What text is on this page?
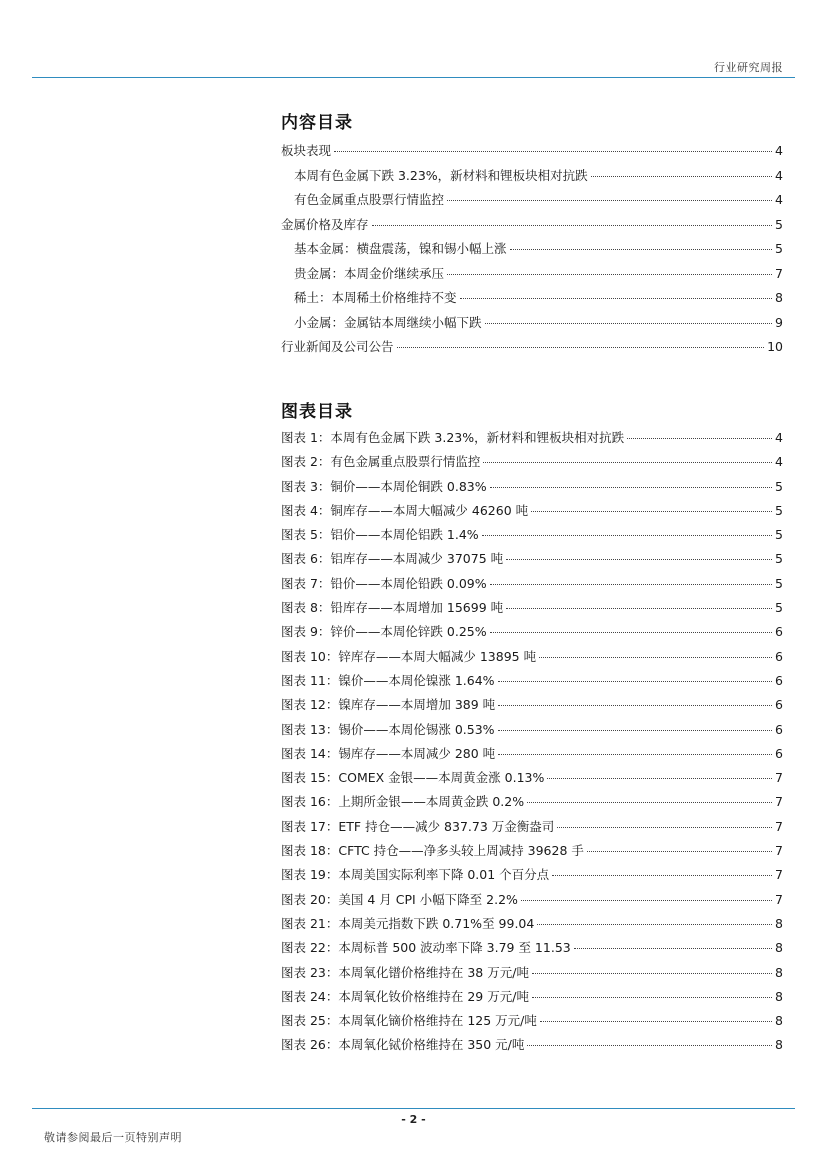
行业研究周报
内容目录
板块表现	4
本周有色金属下跌 3.23%，新材料和锂板块相对抗跌	4
有色金属重点股票行情监控	4
金属价格及库存	5
基本金属：横盘震荡，镍和锡小幅上涨	5
贵金属：本周金价继续承压	7
稀土：本周稀土价格维持不变	8
小金属：金属钴本周继续小幅下跌	9
行业新闻及公司公告	10
图表目录
图表 1：本周有色金属下跌 3.23%，新材料和锂板块相对抗跌	4
图表 2：有色金属重点股票行情监控	4
图表 3：铜价——本周伦铜跌 0.83%	5
图表 4：铜库存——本周大幅减少 46260 吨	5
图表 5：铝价——本周伦铝跌 1.4%	5
图表 6：铝库存——本周减少 37075 吨	5
图表 7：铅价——本周伦铅跌 0.09%	5
图表 8：铅库存——本周增加 15699 吨	5
图表 9：锌价——本周伦锌跌 0.25%	6
图表 10：锌库存——本周大幅减少 13895 吨	6
图表 11：镍价——本周伦镍涨 1.64%	6
图表 12：镍库存——本周增加 389 吨	6
图表 13：锡价——本周伦锡涨 0.53%	6
图表 14：锡库存——本周减少 280 吨	6
图表 15：COMEX 金银——本周黄金涨 0.13%	7
图表 16：上期所金银——本周黄金跌 0.2%	7
图表 17：ETF 持仓——减少 837.73 万金衡盎司	7
图表 18：CFTC 持仓——净多头较上周减持 39628 手	7
图表 19：本周美国实际利率下降 0.01 个百分点	7
图表 20：美国 4 月 CPI 小幅下降至 2.2%	7
图表 21：本周美元指数下跌 0.71%至 99.04	8
图表 22：本周标普 500 波动率下降 3.79 至 11.53	8
图表 23：本周氧化镨价格维持在 38 万元/吨	8
图表 24：本周氧化钕价格维持在 29 万元/吨	8
图表 25：本周氧化镝价格维持在 125 万元/吨	8
图表 26：本周氧化铽价格维持在 350 元/吨	8
- 2 -
敬请参阅最后一页特别声明
